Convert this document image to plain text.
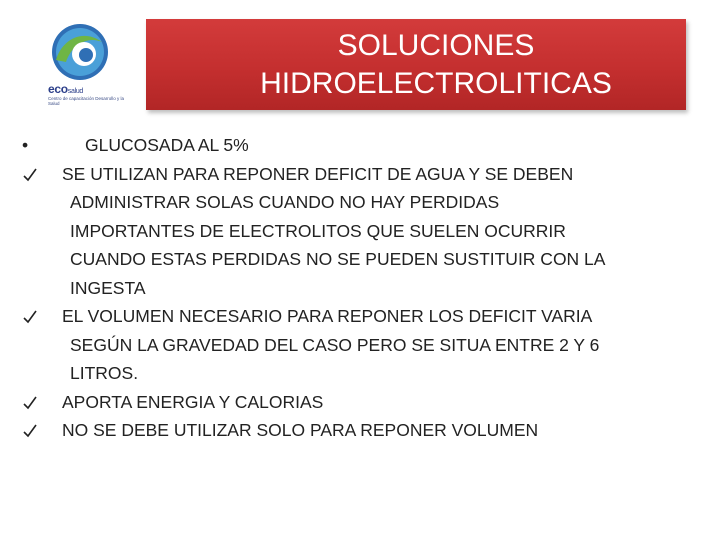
ecosalud
Centro de capacitación Desarrollo y la Salud
SOLUCIONES
HIDROELECTROLITICAS
•	GLUCOSADA AL 5%
SE UTILIZAN PARA REPONER DEFICIT DE AGUA Y SE DEBEN
ADMINISTRAR SOLAS CUANDO NO HAY PERDIDAS
IMPORTANTES DE ELECTROLITOS QUE SUELEN OCURRIR
CUANDO ESTAS PERDIDAS NO SE PUEDEN SUSTITUIR CON LA
INGESTA
EL VOLUMEN NECESARIO PARA REPONER LOS DEFICIT VARIA
SEGÚN LA GRAVEDAD DEL CASO PERO SE SITUA ENTRE 2 Y 6
LITROS.
APORTA ENERGIA Y CALORIAS
NO SE DEBE UTILIZAR SOLO PARA REPONER VOLUMEN
